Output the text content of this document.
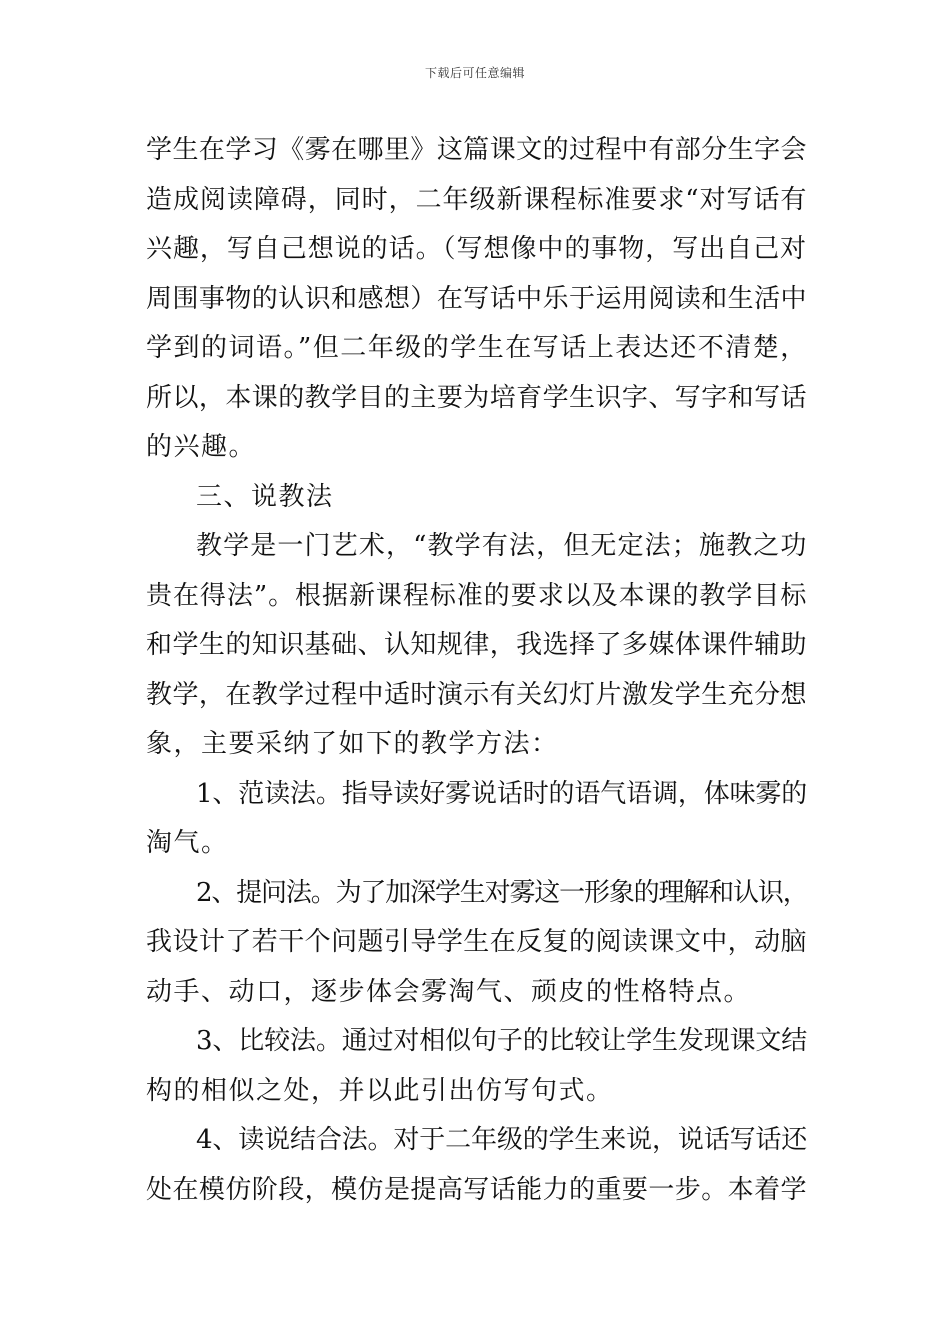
下载后可任意编辑
学生在学习《雾在哪里》这篇课文的过程中有部分生字会
造成阅读障碍，同时，二年级新课程标准要求“对写话有
兴趣，写自己想说的话。（写想像中的事物，写出自己对
周围事物的认识和感想）在写话中乐于运用阅读和生活中
学到的词语。”但二年级的学生在写话上表达还不清楚，
所以，本课的教学目的主要为培育学生识字、写字和写话
的兴趣。
三、说教法
教学是一门艺术，“教学有法，但无定法；施教之功
贵在得法”。根据新课程标准的要求以及本课的教学目标
和学生的知识基础、认知规律，我选择了多媒体课件辅助
教学，在教学过程中适时演示有关幻灯片激发学生充分想
象，主要采纳了如下的教学方法：
1、范读法。指导读好雾说话时的语气语调，体味雾的
淘气。
2、提问法。为了加深学生对雾这一形象的理解和认识，
我设计了若干个问题引导学生在反复的阅读课文中，动脑
动手、动口，逐步体会雾淘气、顽皮的性格特点。
3、比较法。通过对相似句子的比较让学生发现课文结
构的相似之处，并以此引出仿写句式。
4、读说结合法。对于二年级的学生来说，说话写话还
处在模仿阶段，模仿是提高写话能力的重要一步。本着学
